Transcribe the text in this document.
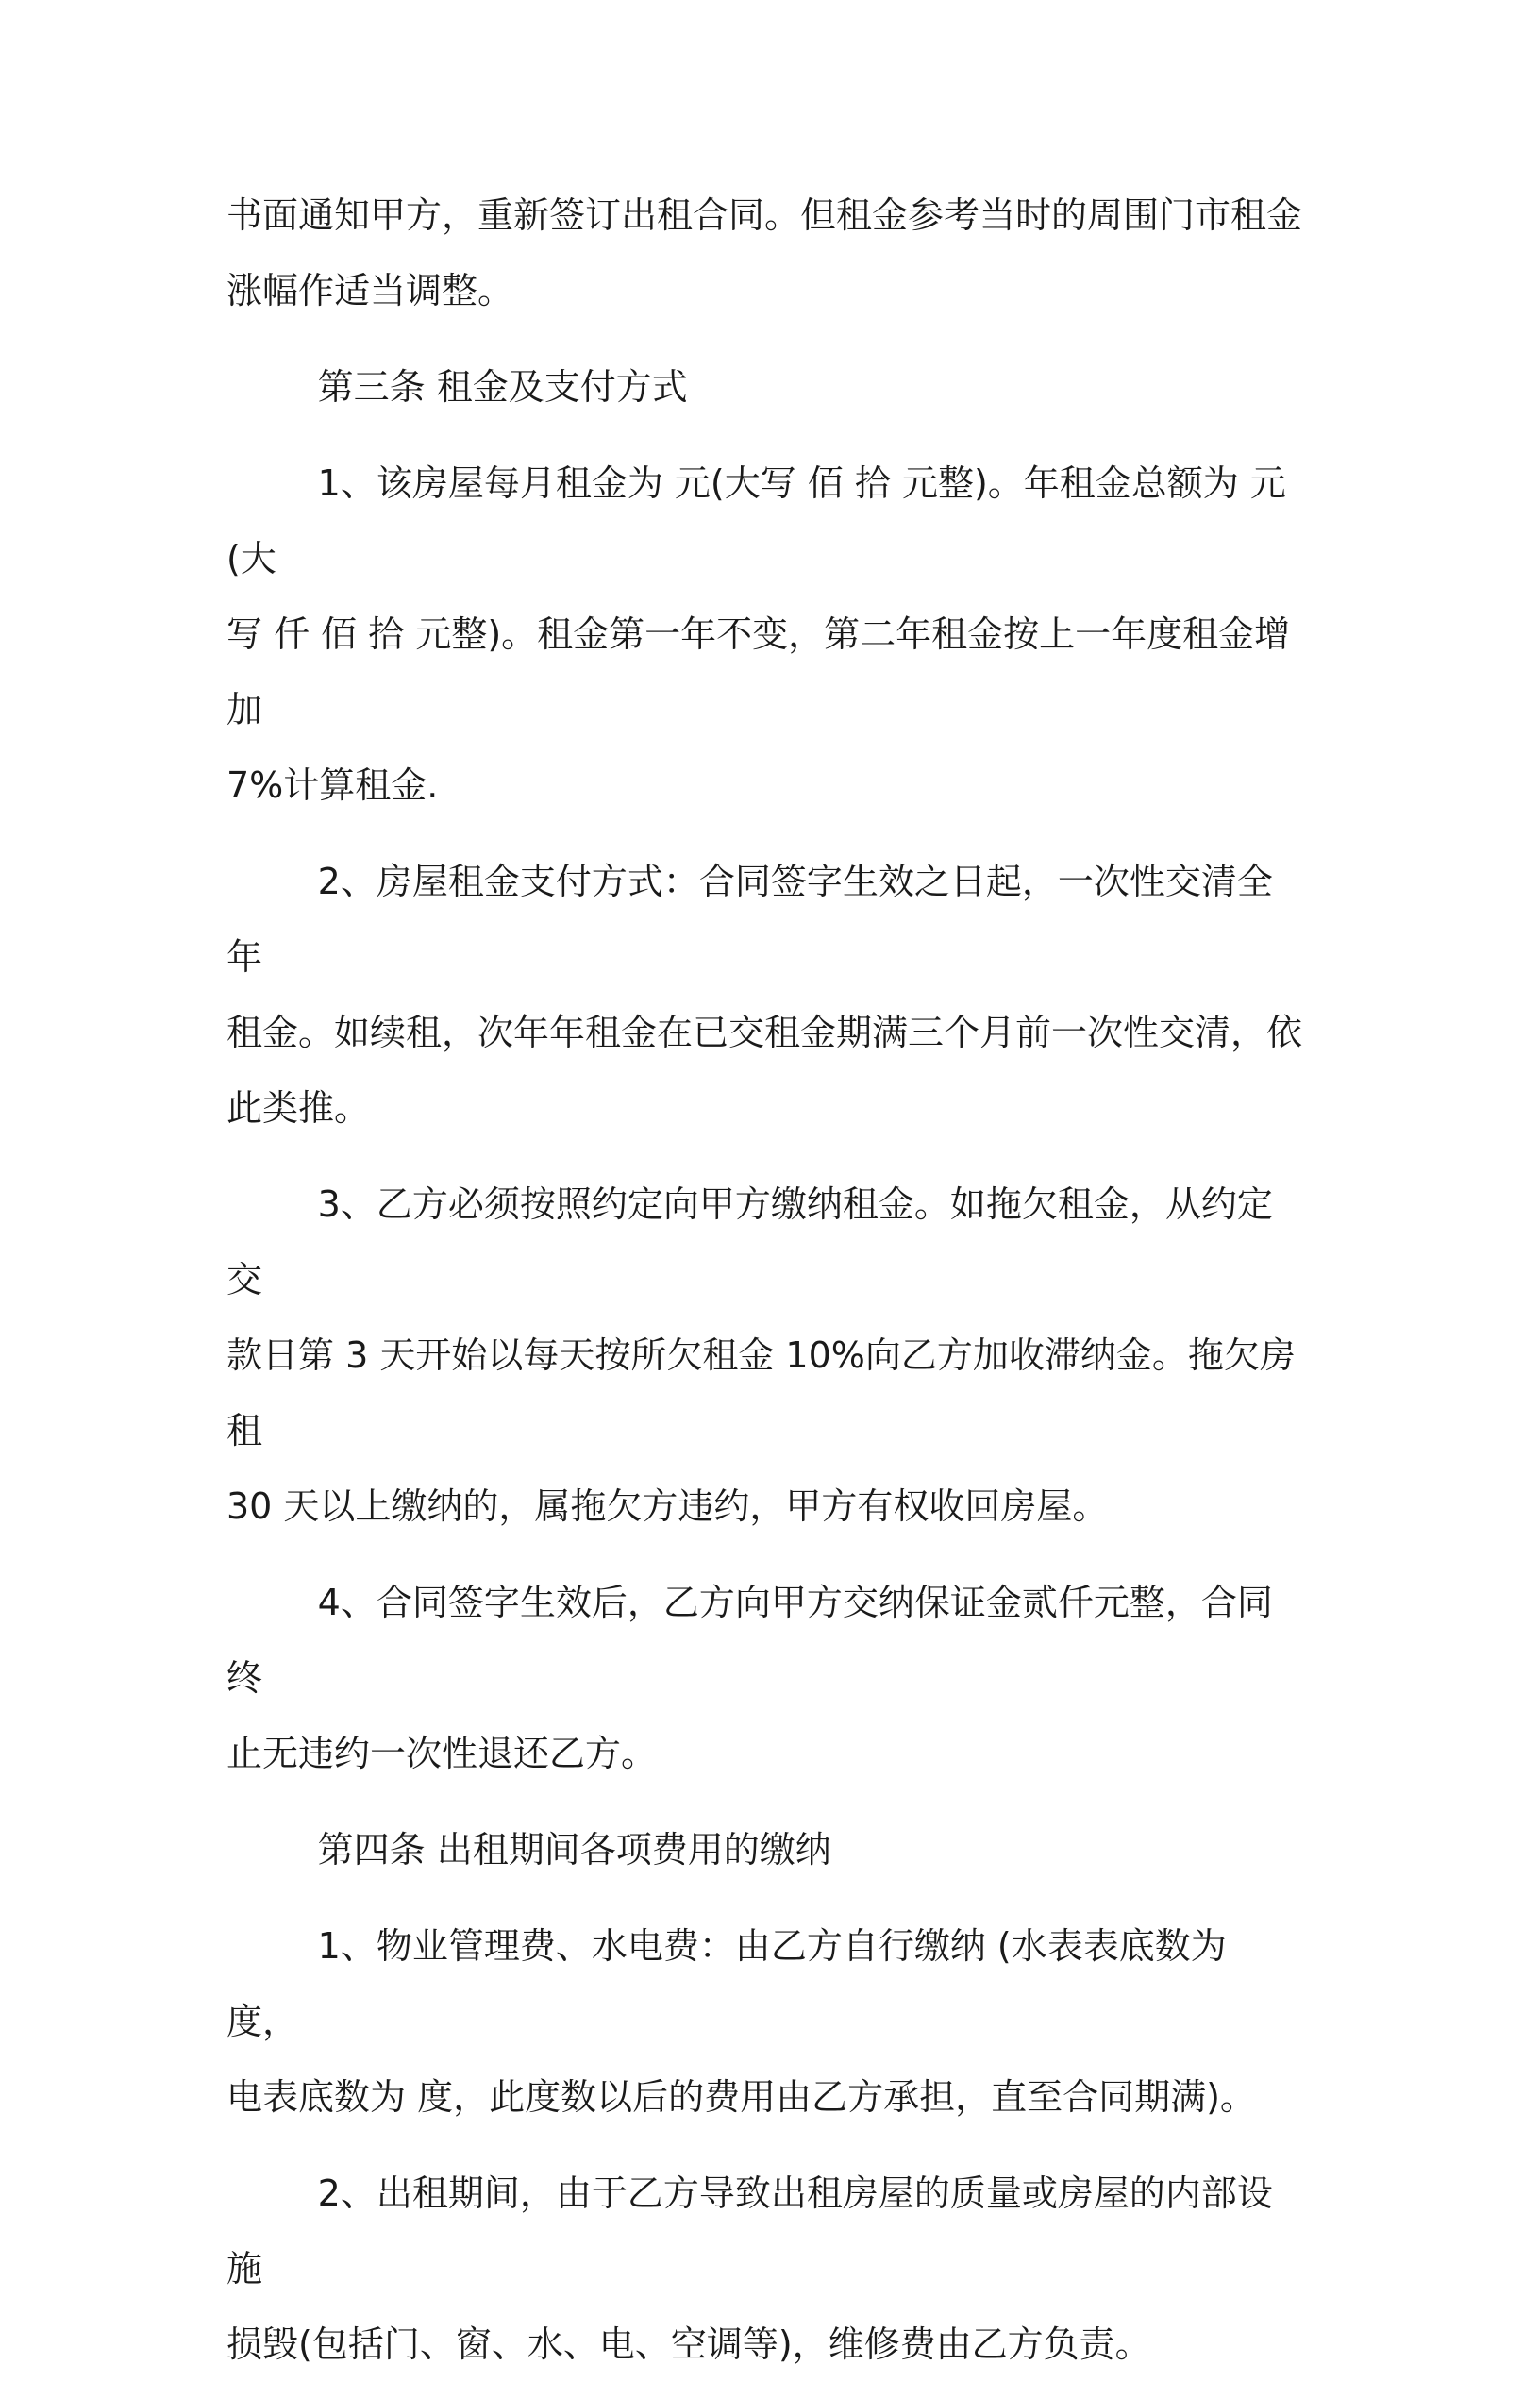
书面通知甲方，重新签订出租合同。但租金参考当时的周围门市租金

涨幅作适当调整。

第三条 租金及支付方式

1、该房屋每月租金为 元(大写 佰 拾 元整)。年租金总额为 元(大

写 仟 佰 拾 元整)。租金第一年不变，第二年租金按上一年度租金增加

7%计算租金.

2、房屋租金支付方式：合同签字生效之日起，一次性交清全年

租金。如续租，次年年租金在已交租金期满三个月前一次性交清，依

此类推。

3、乙方必须按照约定向甲方缴纳租金。如拖欠租金，从约定交

款日第 3 天开始以每天按所欠租金 10%向乙方加收滞纳金。拖欠房租

30 天以上缴纳的，属拖欠方违约，甲方有权收回房屋。

4、合同签字生效后，乙方向甲方交纳保证金贰仟元整，合同终

止无违约一次性退还乙方。

第四条 出租期间各项费用的缴纳

1、物业管理费、水电费：由乙方自行缴纳 (水表表底数为 度，

电表底数为 度，此度数以后的费用由乙方承担，直至合同期满)。

2、出租期间，由于乙方导致出租房屋的质量或房屋的内部设施

损毁(包括门、窗、水、电、空调等)，维修费由乙方负责。
